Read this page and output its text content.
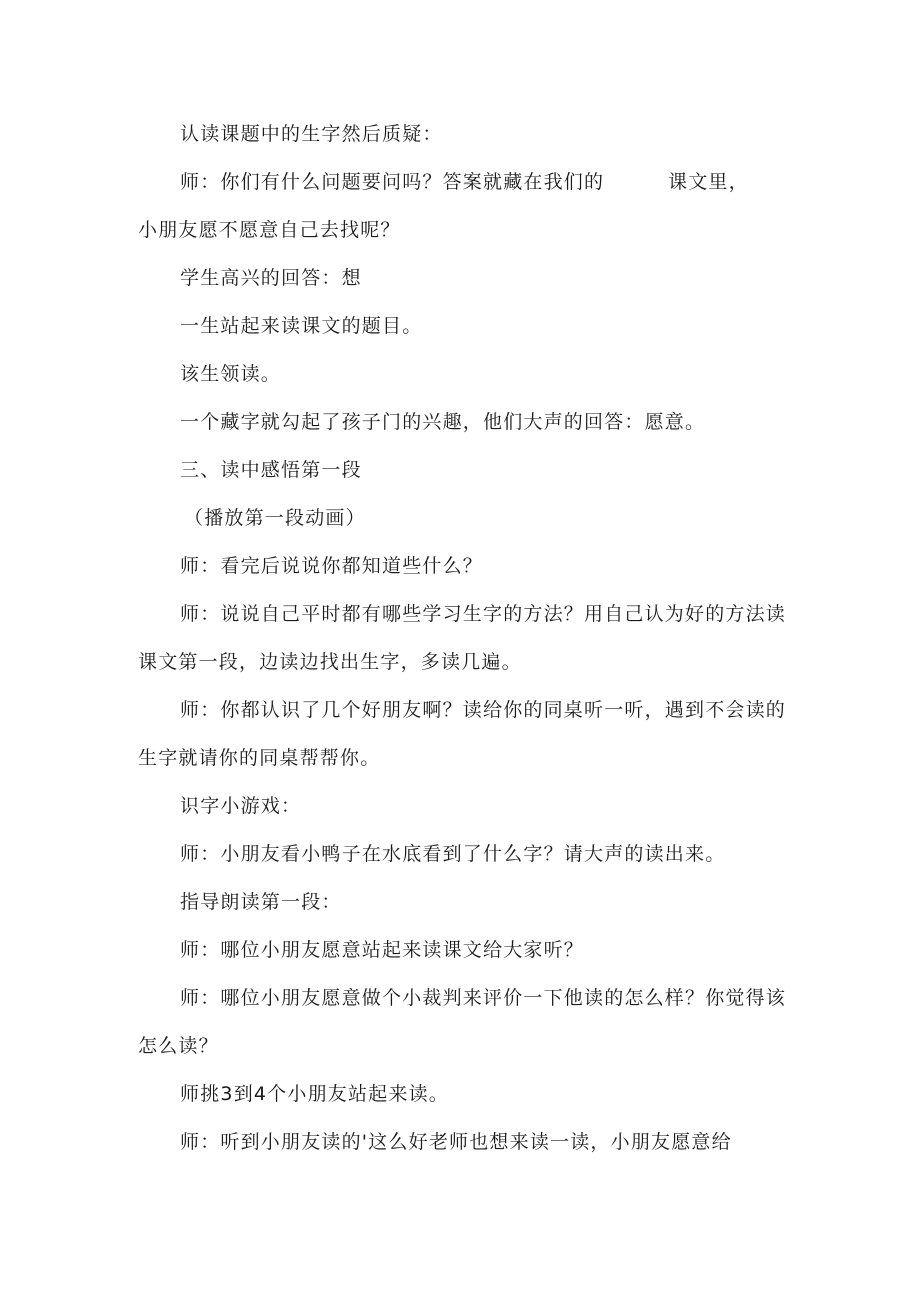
认读课题中的生字然后质疑：
师：你们有什么问题要问吗？答案就藏在我们的	课文里，
小朋友愿不愿意自己去找呢？
学生高兴的回答：想
一生站起来读课文的题目。
该生领读。
一个藏字就勾起了孩子门的兴趣，他们大声的回答：愿意。
三、读中感悟第一段
（播放第一段动画）
师：看完后说说你都知道些什么？
师：说说自己平时都有哪些学习生字的方法？用自己认为好的方法读
课文第一段，边读边找出生字，多读几遍。
师：你都认识了几个好朋友啊？读给你的同桌听一听，遇到不会读的
生字就请你的同桌帮帮你。
识字小游戏：
师：小朋友看小鸭子在水底看到了什么字？请大声的读出来。
指导朗读第一段：
师：哪位小朋友愿意站起来读课文给大家听？
师：哪位小朋友愿意做个小裁判来评价一下他读的怎么样？你觉得该
怎么读？
师挑3到4个小朋友站起来读。
师：听到小朋友读的'这么好老师也想来读一读，小朋友愿意给
